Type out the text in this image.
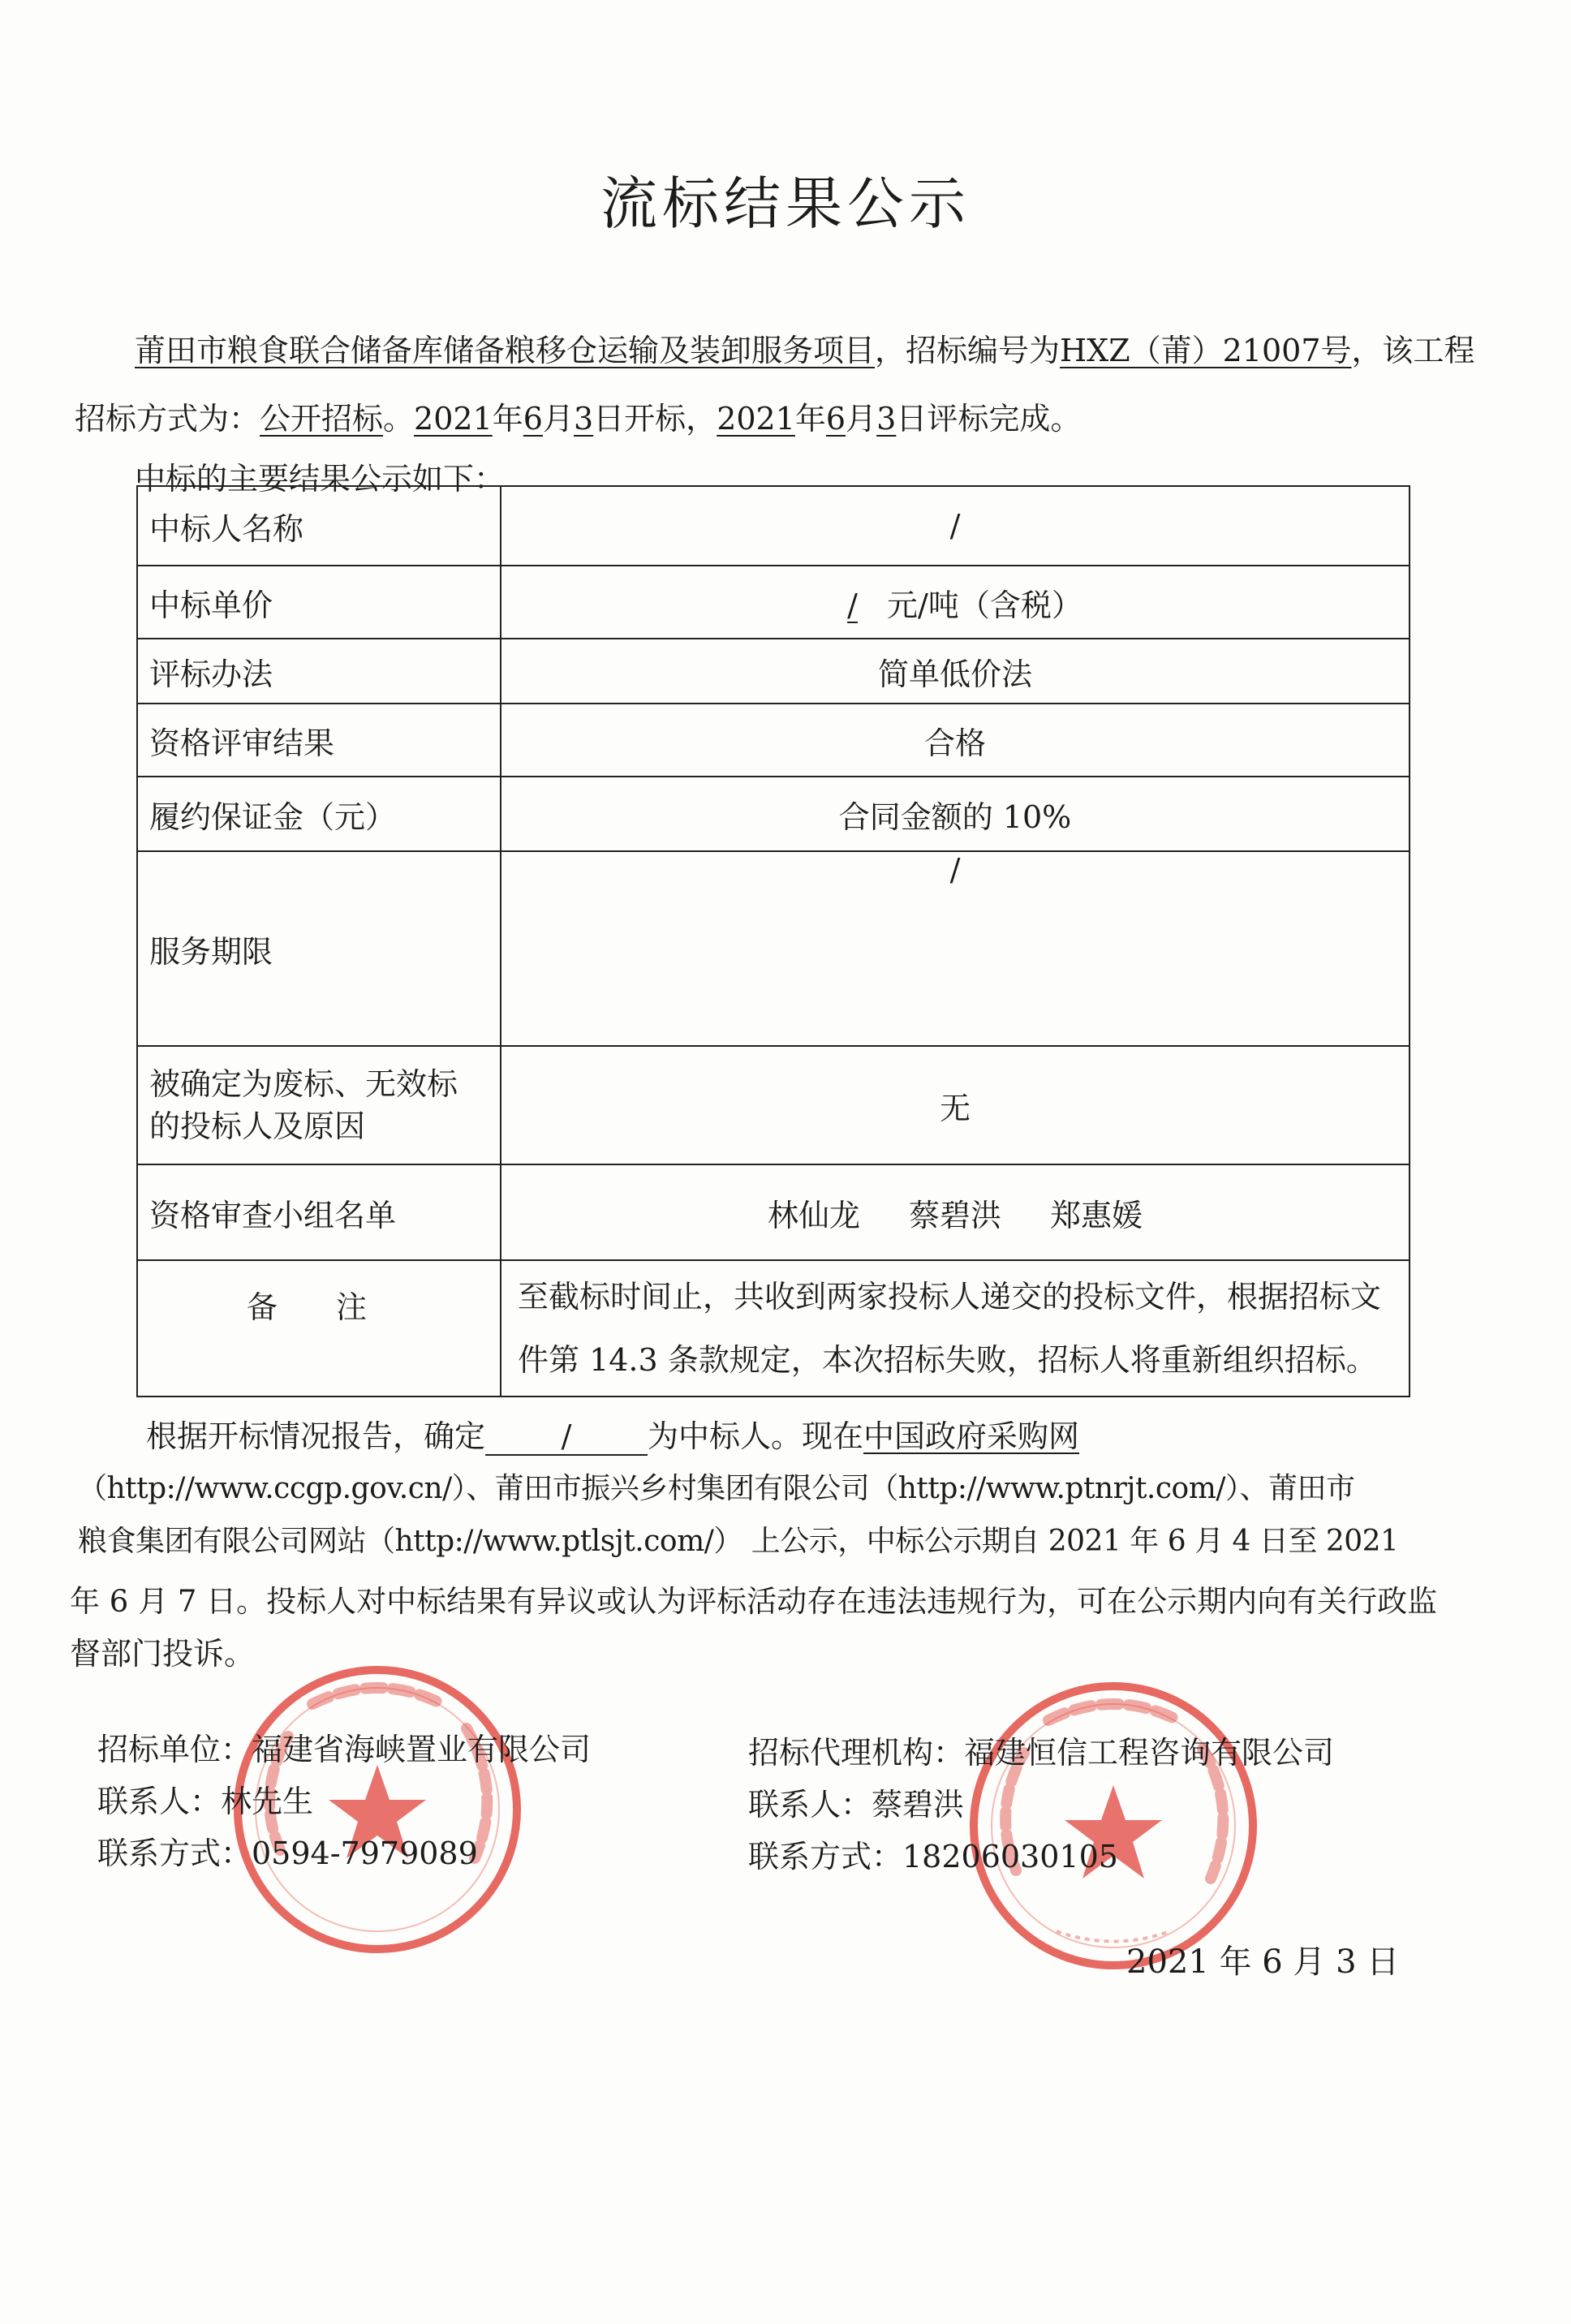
流标结果公示
莆田市粮食联合储备库储备粮移仓运输及装卸服务项目，招标编号为HXZ（莆）21007号，该工程
招标方式为：公开招标。2021年6月3日开标，2021年6月3日评标完成。
中标的主要结果公示如下：
中标人名称	/
中标单价	/ 元/吨（含税）
评标办法	简单低价法
资格评审结果	合格
履约保证金（元）	合同金额的 10%
服务期限	/

被确定为废标、无效标
的投标人及原因	无
资格审查小组名单	林仙龙 蔡碧洪 郑惠媛
备 注	至截标时间止，共收到两家投标人递交的投标文件，根据招标文
件第 14.3 条款规定，本次招标失败，招标人将重新组织招标。
根据开标情况报告，确定 / 为中标人。现在中国政府采购网
（http://www.ccgp.gov.cn/）、莆田市振兴乡村集团有限公司（http://www.ptnrjt.com/）、莆田市
粮食集团有限公司网站（http://www.ptlsjt.com/） 上公示，中标公示期自 2021 年 6 月 4 日至 2021
年 6 月 7 日。投标人对中标结果有异议或认为评标活动存在违法违规行为，可在公示期内向有关行政监
督部门投诉。
招标单位：福建省海峡置业有限公司
联系人：林先生
联系方式：0594-7979089
招标代理机构：福建恒信工程咨询有限公司
联系人：蔡碧洪
联系方式：18206030105
2021 年 6 月 3 日
